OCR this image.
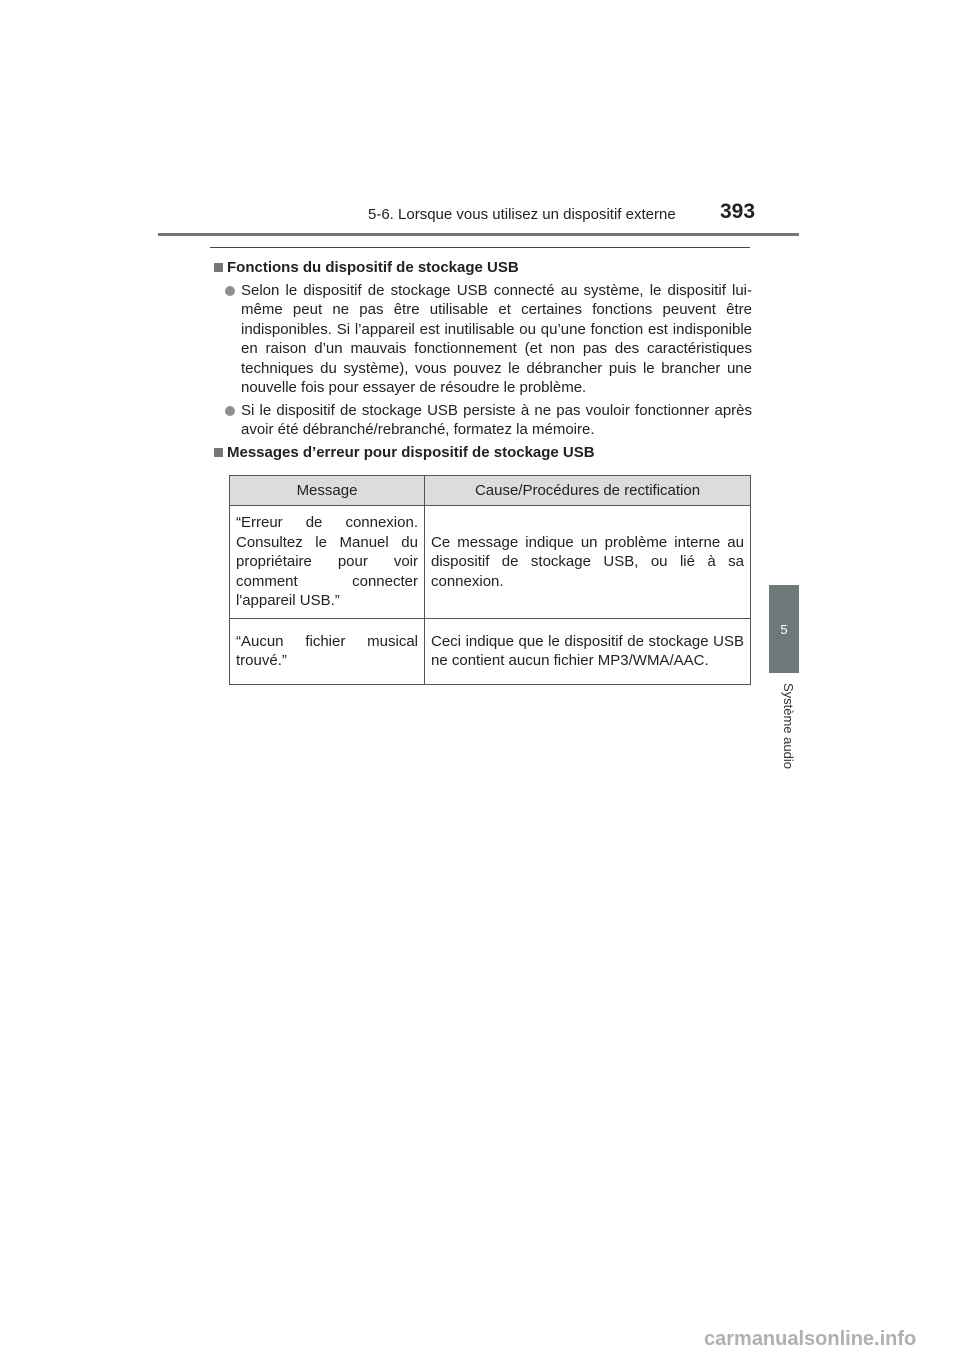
5-6. Lorsque vous utilisez un dispositif externe 393
5
Système audio
Fonctions du dispositif de stockage USB
Selon le dispositif de stockage USB connecté au système, le dispositif lui-même peut ne pas être utilisable et certaines fonctions peuvent être indisponibles. Si l’appareil est inutilisable ou qu’une fonction est indisponible en raison d’un mauvais fonctionnement (et non pas des caractéristiques techniques du système), vous pouvez le débrancher puis le brancher une nouvelle fois pour essayer de résoudre le problème.
Si le dispositif de stockage USB persiste à ne pas vouloir fonctionner après avoir été débranché/rebranché, formatez la mémoire.
Messages d’erreur pour dispositif de stockage USB
Message	Cause/Procédures de rectification
“Erreur de connexion. Consultez le Manuel du propriétaire pour voir comment connecter l'appareil USB.”	Ce message indique un problème interne au dispositif de stockage USB, ou lié à sa connexion.
“Aucun fichier musical trouvé.”	Ceci indique que le dispositif de stockage USB ne contient aucun fichier MP3/WMA/AAC.
carmanualsonline.info
